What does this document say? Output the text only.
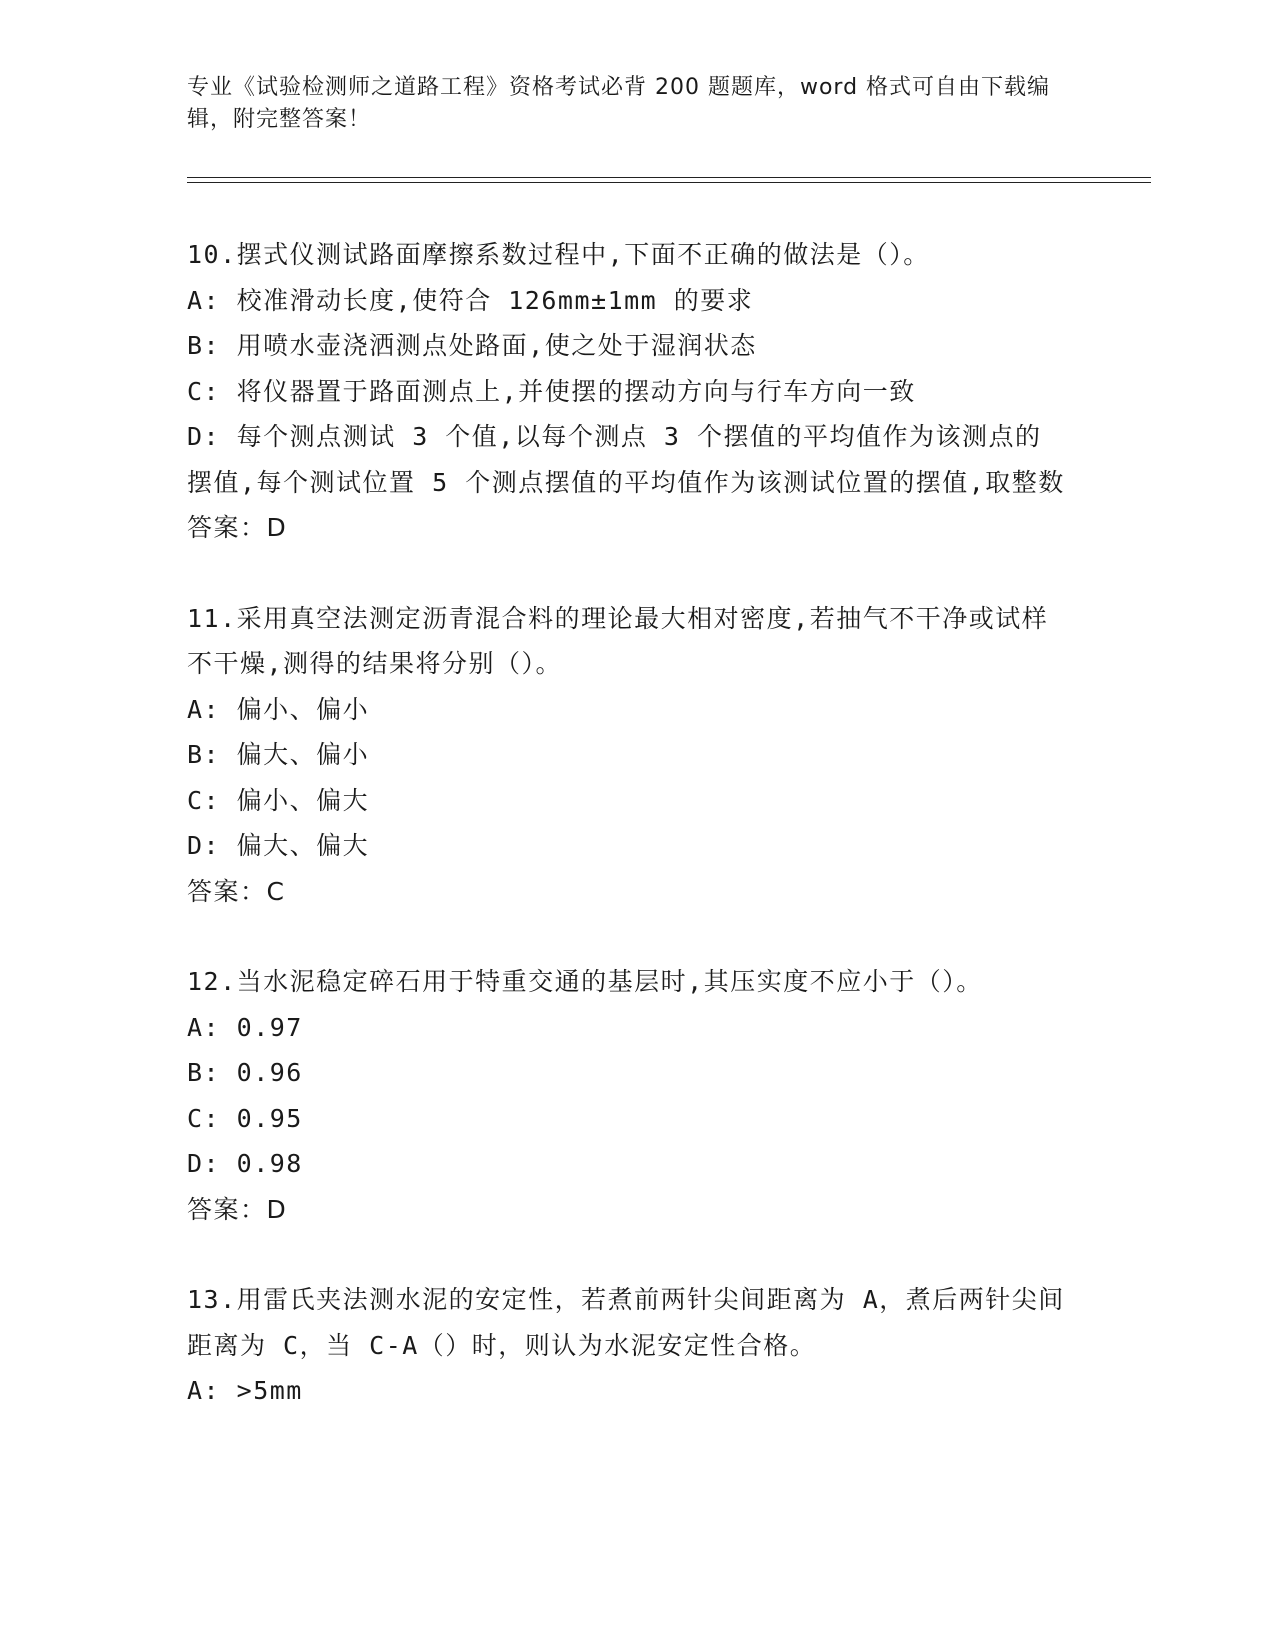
专业《试验检测师之道路工程》资格考试必背 200 题题库，word 格式可自由下载编辑，附完整答案！
10.摆式仪测试路面摩擦系数过程中,下面不正确的做法是（）。
A: 校准滑动长度,使符合 126mm±1mm 的要求
B: 用喷水壶浇洒测点处路面,使之处于湿润状态
C: 将仪器置于路面测点上,并使摆的摆动方向与行车方向一致
D: 每个测点测试 3 个值,以每个测点 3 个摆值的平均值作为该测点的摆值,每个测试位置 5 个测点摆值的平均值作为该测试位置的摆值,取整数
答案：D
11.采用真空法测定沥青混合料的理论最大相对密度,若抽气不干净或试样不干燥,测得的结果将分别（）。
A: 偏小、偏小
B: 偏大、偏小
C: 偏小、偏大
D: 偏大、偏大
答案：C
12.当水泥稳定碎石用于特重交通的基层时,其压实度不应小于（）。
A: 0.97
B: 0.96
C: 0.95
D: 0.98
答案：D
13.用雷氏夹法测水泥的安定性，若煮前两针尖间距离为 A，煮后两针尖间距离为 C，当 C-A（）时，则认为水泥安定性合格。
A: >5mm
